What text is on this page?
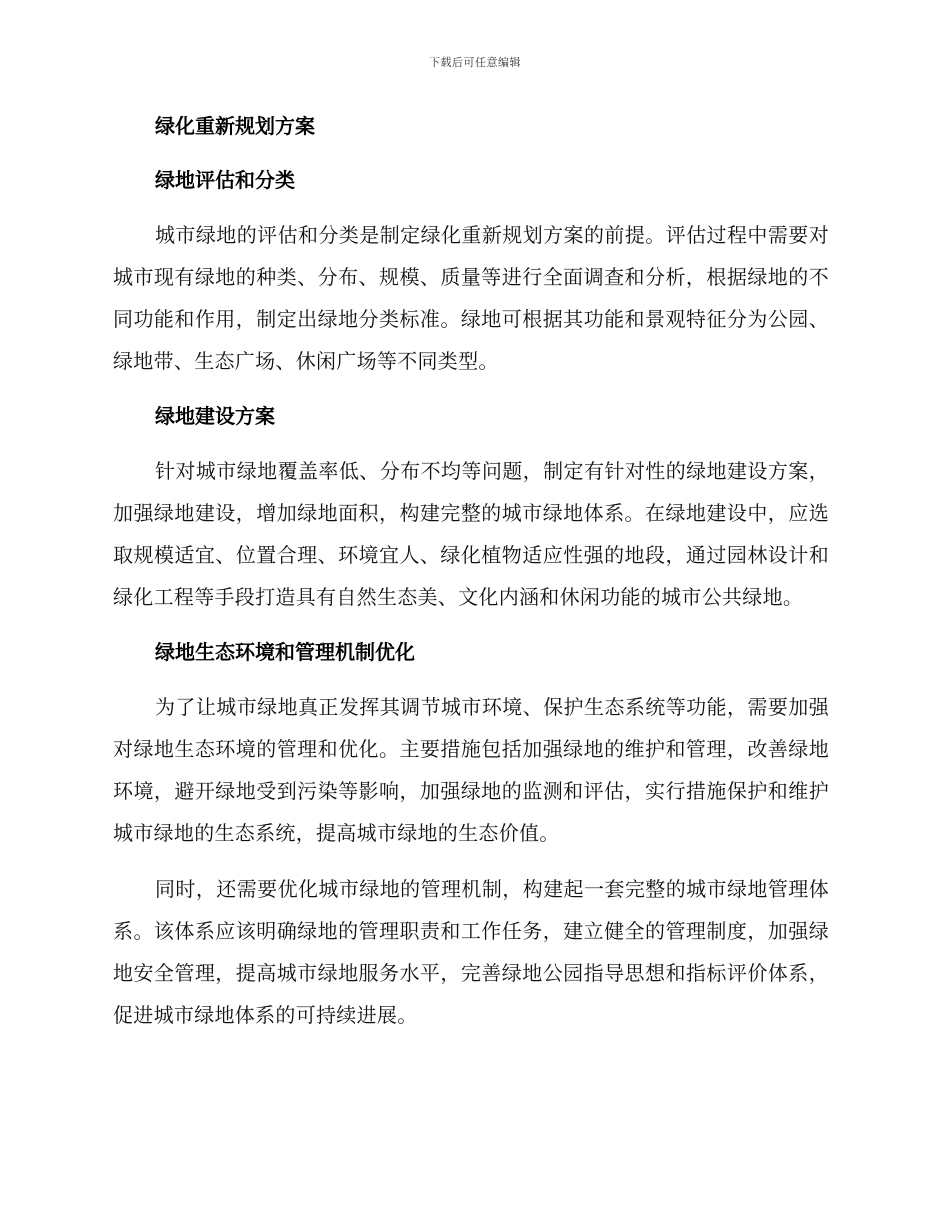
下载后可任意编辑
绿化重新规划方案
绿地评估和分类

城市绿地的评估和分类是制定绿化重新规划方案的前提。评估过程中需要对城市现有绿地的种类、分布、规模、质量等进行全面调查和分析，根据绿地的不同功能和作用，制定出绿地分类标准。绿地可根据其功能和景观特征分为公园、绿地带、生态广场、休闲广场等不同类型。

绿地建设方案

针对城市绿地覆盖率低、分布不均等问题，制定有针对性的绿地建设方案，加强绿地建设，增加绿地面积，构建完整的城市绿地体系。在绿地建设中，应选取规模适宜、位置合理、环境宜人、绿化植物适应性强的地段，通过园林设计和绿化工程等手段打造具有自然生态美、文化内涵和休闲功能的城市公共绿地。

绿地生态环境和管理机制优化

为了让城市绿地真正发挥其调节城市环境、保护生态系统等功能，需要加强对绿地生态环境的管理和优化。主要措施包括加强绿地的维护和管理，改善绿地环境，避开绿地受到污染等影响，加强绿地的监测和评估，实行措施保护和维护城市绿地的生态系统，提高城市绿地的生态价值。

同时，还需要优化城市绿地的管理机制，构建起一套完整的城市绿地管理体系。该体系应该明确绿地的管理职责和工作任务，建立健全的管理制度，加强绿地安全管理，提高城市绿地服务水平，完善绿地公园指导思想和指标评价体系，促进城市绿地体系的可持续进展。
